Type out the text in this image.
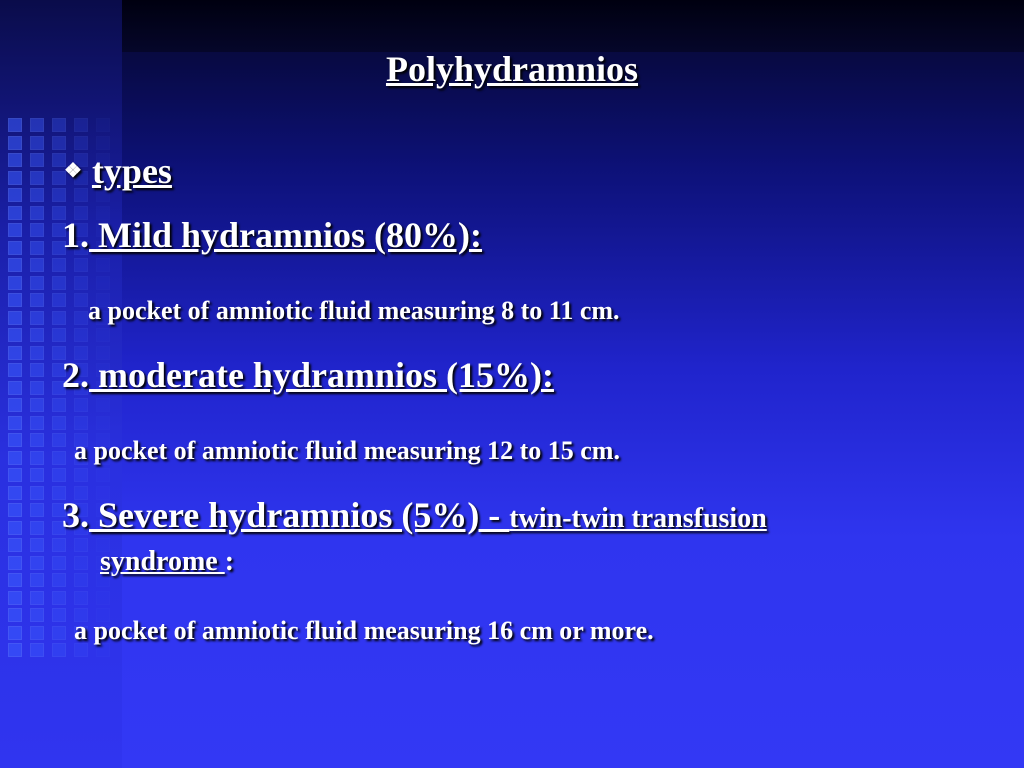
Polyhydramnios
❖ types
1. Mild hydramnios (80%):
a pocket of amniotic fluid measuring 8 to 11 cm.
2. moderate hydramnios (15%):
a pocket of amniotic fluid measuring 12 to 15 cm.
3. Severe hydramnios (5%) - twin-twin transfusion
syndrome :
a pocket of amniotic fluid measuring 16 cm or more.
